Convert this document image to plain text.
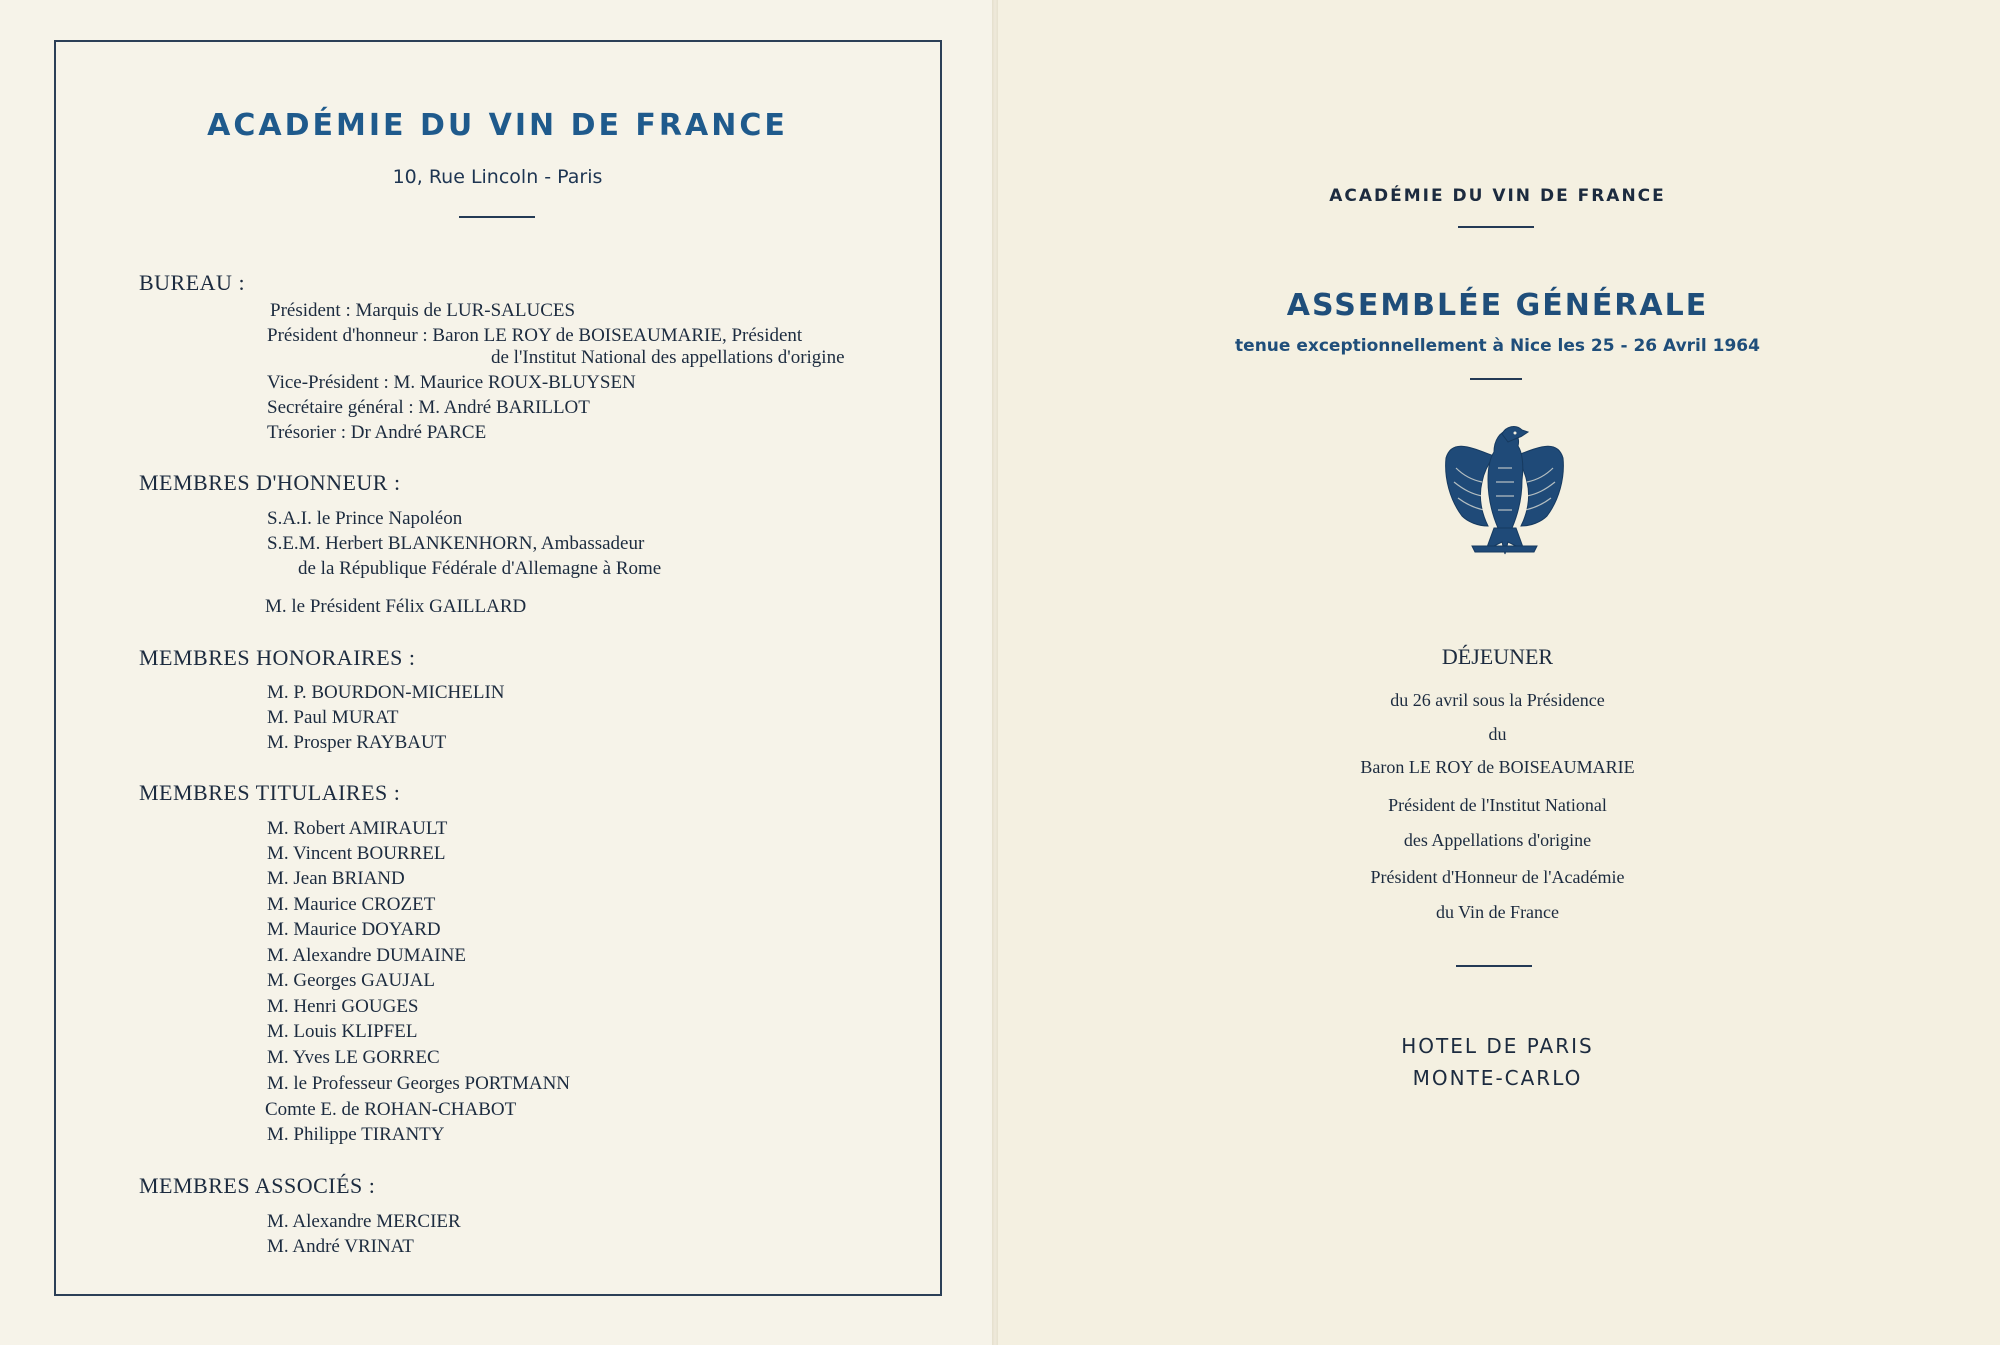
ACADÉMIE DU VIN DE FRANCE
10, Rue Lincoln - Paris
BUREAU :
Président : Marquis de LUR-SALUCES
Président d'honneur : Baron LE ROY de BOISEAUMARIE, Président
de l'Institut National des appellations d'origine
Vice-Président : M. Maurice ROUX-BLUYSEN
Secrétaire général : M. André BARILLOT
Trésorier : Dr André PARCE
MEMBRES D'HONNEUR :
S.A.I. le Prince Napoléon
S.E.M. Herbert BLANKENHORN, Ambassadeur
de la République Fédérale d'Allemagne à Rome
M. le Président Félix GAILLARD
MEMBRES HONORAIRES :
M. P. BOURDON-MICHELIN
M. Paul MURAT
M. Prosper RAYBAUT
MEMBRES TITULAIRES :
M. Robert AMIRAULT
M. Vincent BOURREL
M. Jean BRIAND
M. Maurice CROZET
M. Maurice DOYARD
M. Alexandre DUMAINE
M. Georges GAUJAL
M. Henri GOUGES
M. Louis KLIPFEL
M. Yves LE GORREC
M. le Professeur Georges PORTMANN
Comte E. de ROHAN-CHABOT
M. Philippe TIRANTY
MEMBRES ASSOCIÉS :
M. Alexandre MERCIER
M. André VRINAT
ACADÉMIE DU VIN DE FRANCE
ASSEMBLÉE GÉNÉRALE
tenue exceptionnellement à Nice les 25 - 26 Avril 1964
DÉJEUNER
du 26 avril sous la Présidence
du
Baron LE ROY de BOISEAUMARIE
Président de l'Institut National
des Appellations d'origine
Président d'Honneur de l'Académie
du Vin de France
HOTEL DE PARIS
MONTE-CARLO
